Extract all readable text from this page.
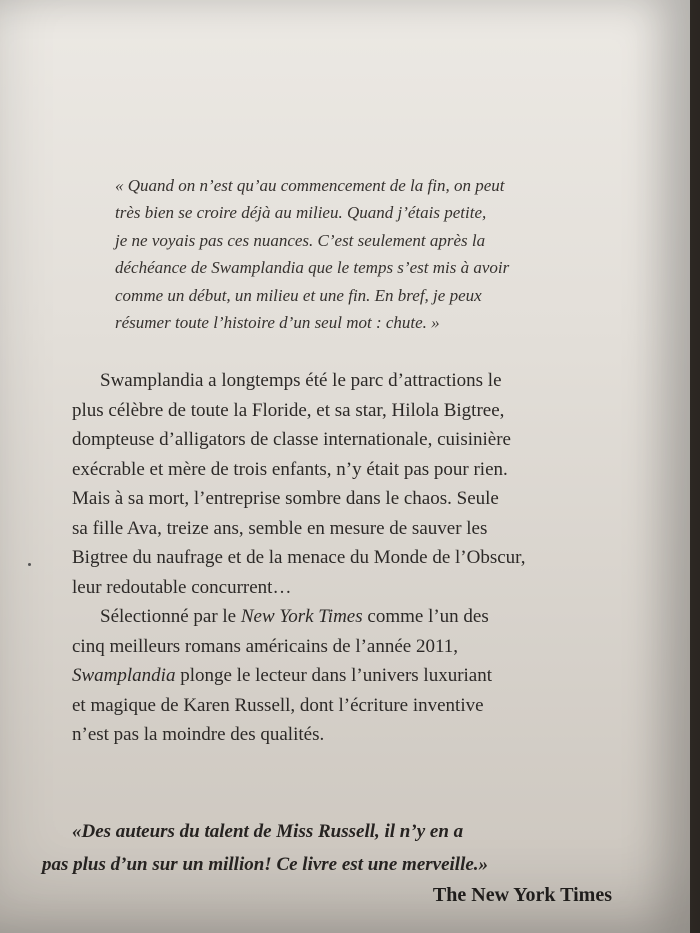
« Quand on n’est qu’au commencement de la fin, on peut
très bien se croire déjà au milieu. Quand j’étais petite,
je ne voyais pas ces nuances. C’est seulement après la
déchéance de Swamplandia que le temps s’est mis à avoir
comme un début, un milieu et une fin. En bref, je peux
résumer toute l’histoire d’un seul mot : chute. »
Swamplandia a longtemps été le parc d’attractions le
plus célèbre de toute la Floride, et sa star, Hilola Bigtree,
dompteuse d’alligators de classe internationale, cuisinière
exécrable et mère de trois enfants, n’y était pas pour rien.
Mais à sa mort, l’entreprise sombre dans le chaos. Seule
sa fille Ava, treize ans, semble en mesure de sauver les
Bigtree du naufrage et de la menace du Monde de l’Obscur,
leur redoutable concurrent…
Sélectionné par le New York Times comme l’un des
cinq meilleurs romans américains de l’année 2011,
Swamplandia plonge le lecteur dans l’univers luxuriant
et magique de Karen Russell, dont l’écriture inventive
n’est pas la moindre des qualités.
«Des auteurs du talent de Miss Russell, il n’y en a
pas plus d’un sur un million! Ce livre est une merveille.»
The New York Times
